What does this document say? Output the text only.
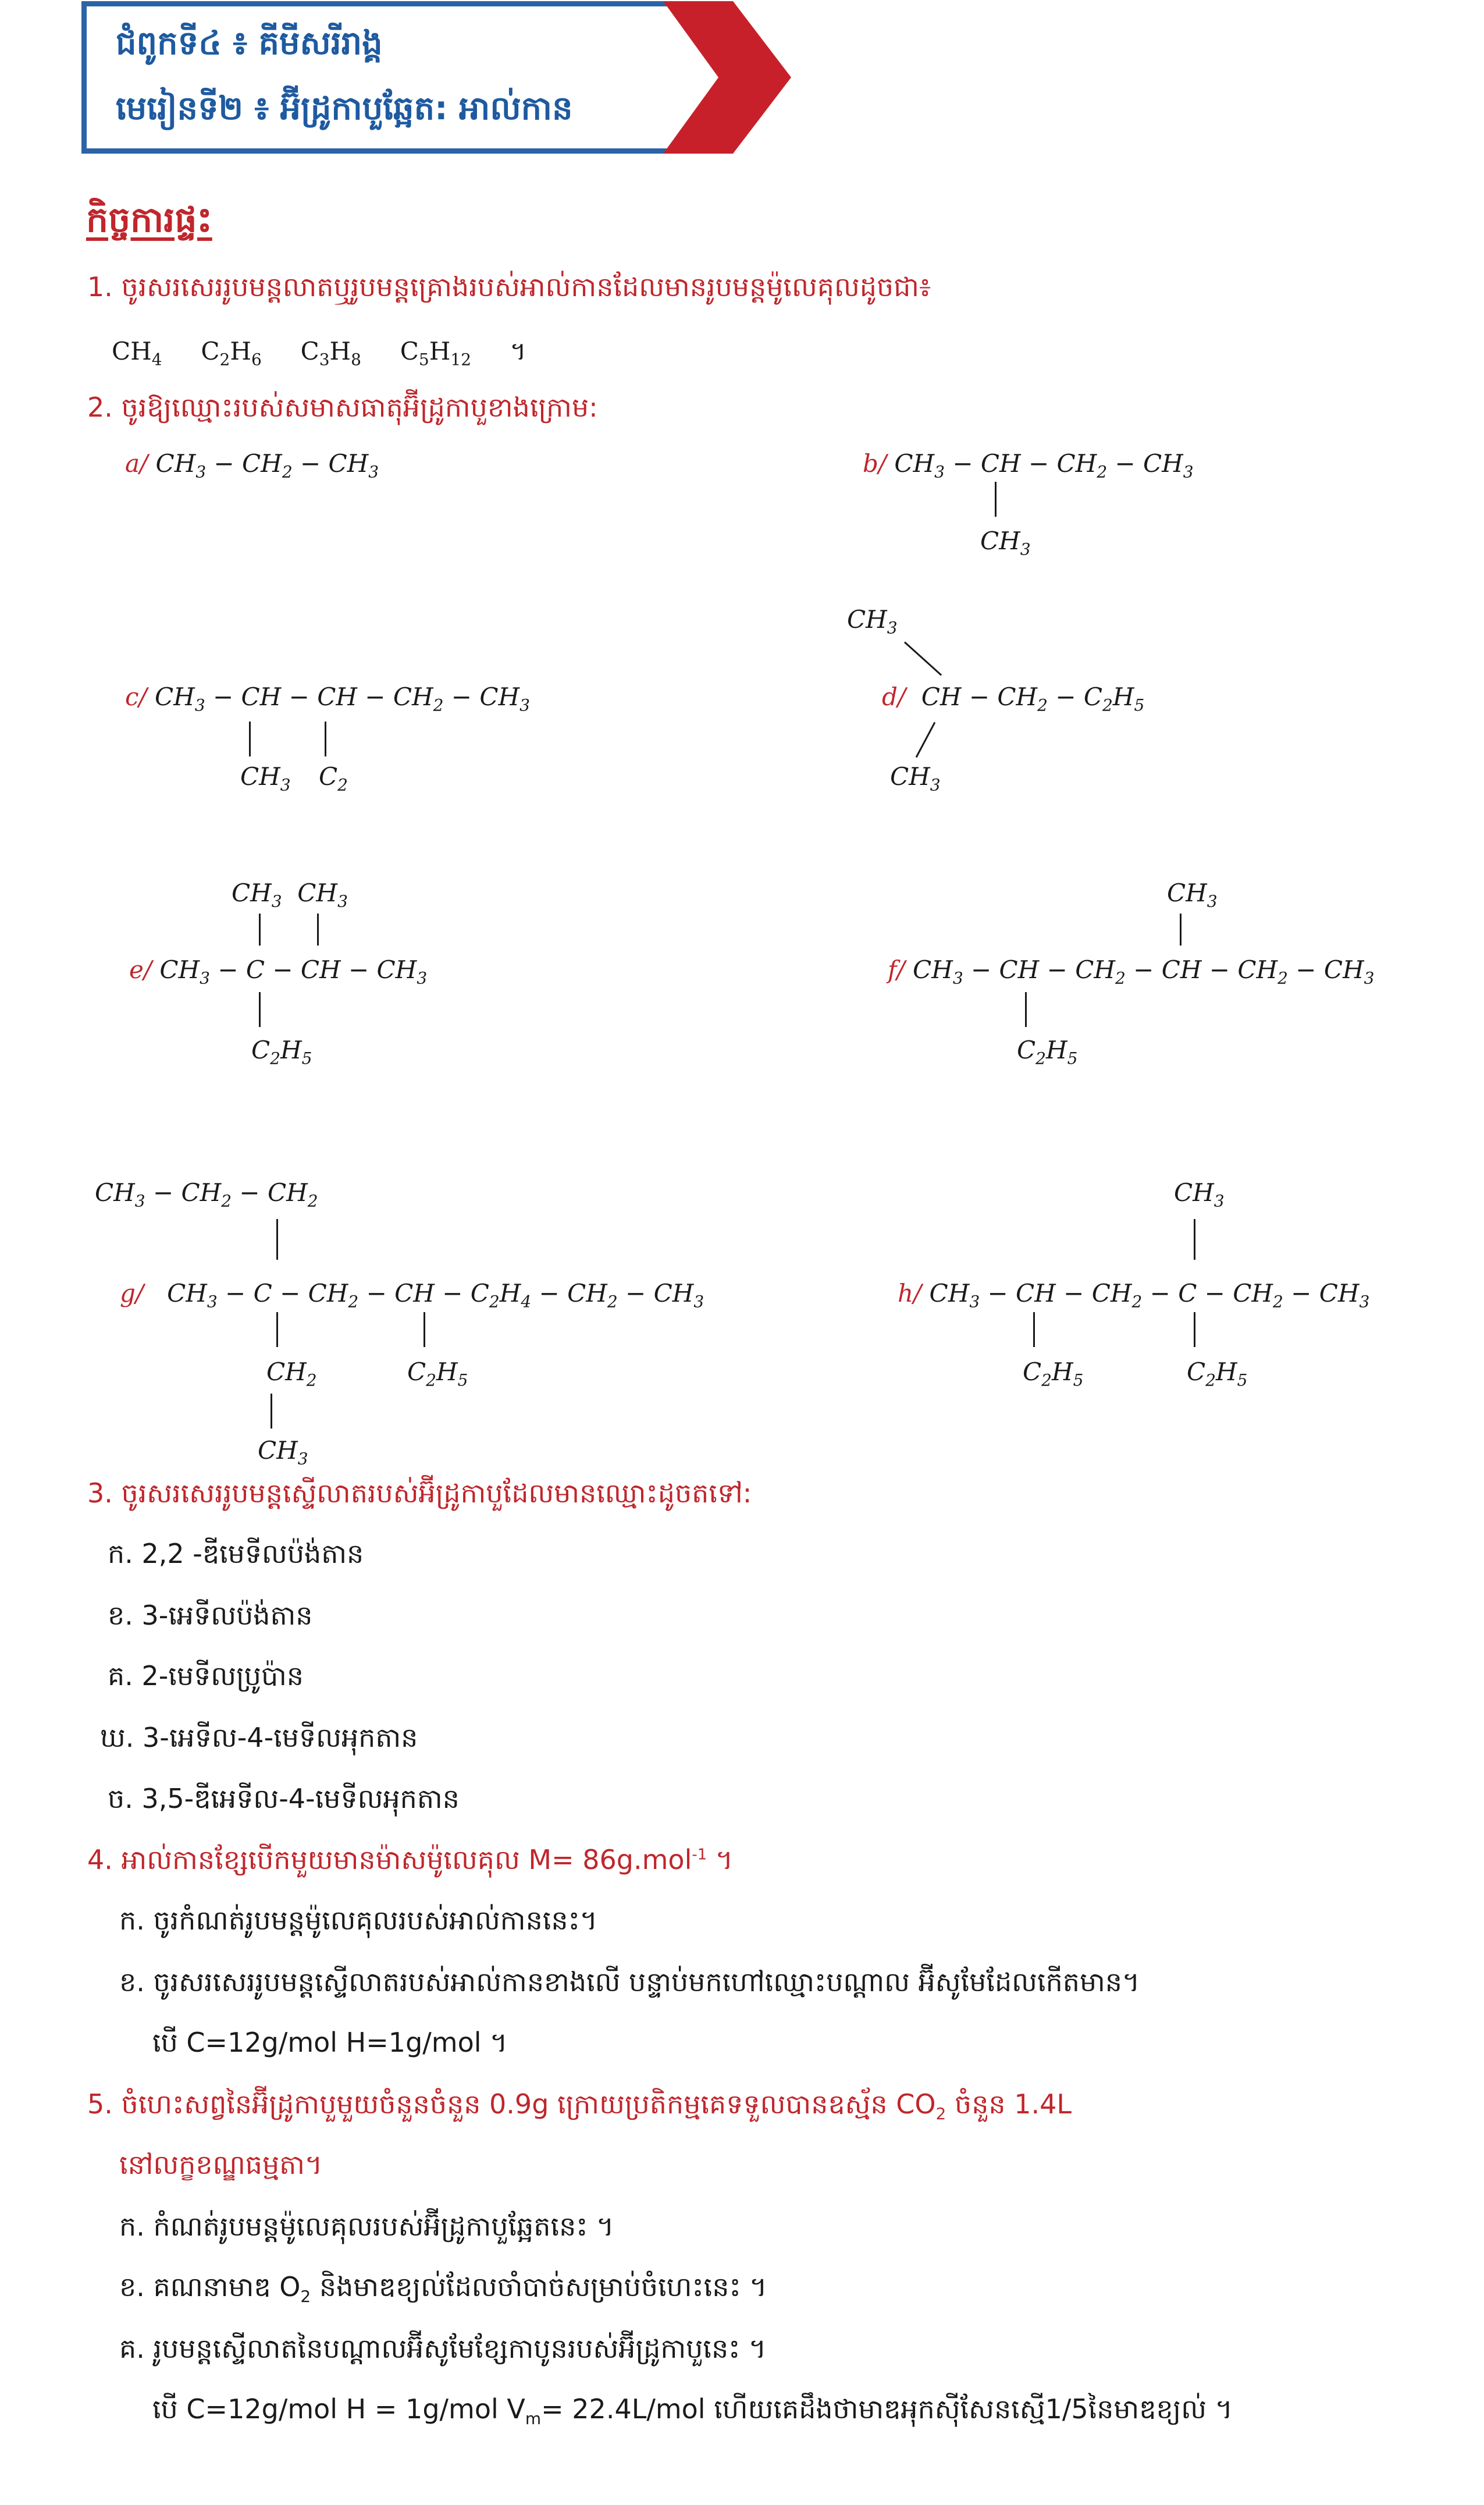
ជំពូកទី៤ ៖ គីមីសរីរាង្គ
មេរៀនទី២ ៖ អ៊ីដ្រូកាបួឆ្អែត: អាល់កាន
កិច្ចការផ្ទះ
1. ចូរសរសេររូបមន្តលាតឬរូបមន្តគ្រោងរបស់អាល់កានដែលមានរូបមន្តម៉ូលេគុលដូចជា៖
$CH_4$ $C_2H_6$ $C_3H_8$ $C_5H_{12}$ ។
2. ចូរឱ្យឈ្មោះរបស់សមាសធាតុអ៊ីដ្រូកាបួខាងក្រោម:
a/ $CH_3 - CH_2 - CH_3$	b/ $CH_3$ − CH − $CH_2 - CH_3$
$CH_3$
c/ $CH_3$ − CH − CH − $CH_2 - CH_3$
$CH_3$ $C_2$
$CH_3$
d/  CH − $CH_2 - C_2H_5$
$CH_3$
$CH_3$  $CH_3$
e/ $CH_3 - C$ − CH − $CH_3$
$C_2H_5$
$CH_3$
f/ $CH_3$ − CH − $CH_2$ − CH − $CH_2 - CH_3$
$C_2H_5$
$CH_3 - CH_2 - CH_2$
g/   $CH_3 - C - CH_2$ − CH − $C_2H_4 - CH_2 - CH_3$
$CH_2$	$C_2H_5$
$CH_3$
$CH_3$
h/ $CH_3$ − CH − $CH_2 - C - CH_2 - CH_3$
$C_2H_5$	$C_2H_5$
3. ចូរសរសេររូបមន្តស្ទើលាតរបស់អ៊ីដ្រូកាបួដែលមានឈ្មោះដូចតទៅ:
ក. 2,2 -ឌីមេទីលប៉ង់តាន
ខ. 3-អេទីលប៉ង់តាន
គ. 2-មេទីលប្រូប៉ាន
ឃ. 3-អេទីល-4-មេទីលអុកតាន
ច. 3,5-ឌីអេទីល-4-មេទីលអុកតាន
4. អាល់កានខ្សែបើកមួយមានម៉ាសម៉ូលេគុល M= 86g.mol$^{-1}$ ។
ក. ចូរកំណត់រូបមន្តម៉ូលេគុលរបស់អាល់កាននេះ។
ខ. ចូរសរសេររូបមន្តស្ទើលាតរបស់អាល់កានខាងលើ បន្ទាប់មកហៅឈ្មោះបណ្តាល អ៊ីសូមែដែលកើតមាន។
បើ C=12g/mol H=1g/mol ។
5. ចំហេះសព្វនៃអ៊ីដ្រូកាបួមួយចំនួនចំនួន 0.9g ក្រោយប្រតិកម្មគេទទួលបានឧស្ម័ន $CO_2$ ចំនួន 1.4L
នៅលក្ខខណ្ឌធម្មតា។
ក. កំណត់រូបមន្តម៉ូលេគុលរបស់អ៊ីដ្រូកាបួឆ្អែតនេះ ។
ខ. គណនាមាឌ $O_2$ និងមាឌខ្យល់ដែលចាំបាច់សម្រាប់ចំហេះនេះ ។
គ. រូបមន្តស្ទើលាតនៃបណ្តាលអ៊ីសូមែខ្សែកាបូនរបស់អ៊ីដ្រូកាបួនេះ ។
បើ C=12g/mol H = 1g/mol $V_m= 22.4L/mol$ ហើយគេដឹងថាមាឌអុកស៊ីសែនស្មើ1/5នៃមាឌខ្យល់ ។
